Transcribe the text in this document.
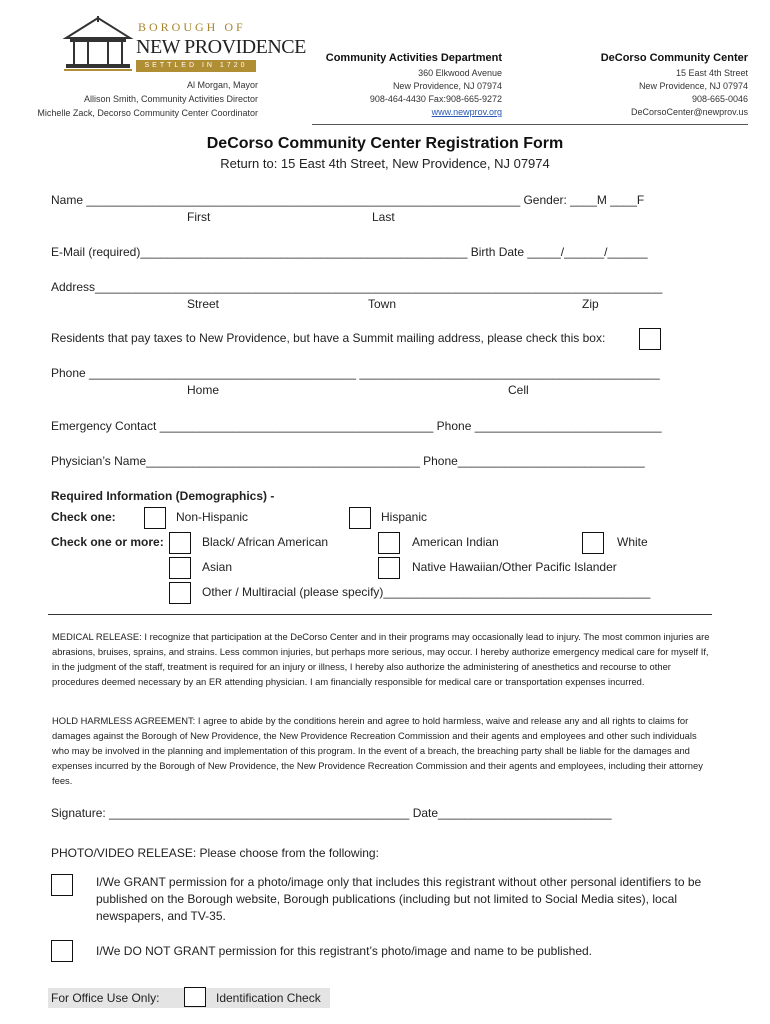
BOROUGH OF
NEW PROVIDENCE
SETTLED IN 1720
Al Morgan, Mayor
Allison Smith, Community Activities Director
Michelle Zack, Decorso Community Center Coordinator
Community Activities Department
360 Elkwood Avenue
New Providence, NJ 07974
908-464-4430 Fax:908-665-9272
www.newprov.org
DeCorso Community Center
15 East 4th Street
New Providence, NJ 07974
908-665-0046
DeCorsoCenter@newprov.us
DeCorso Community Center Registration Form
Return to: 15 East 4th Street, New Providence, NJ 07974
Name _________________________________________________________________ Gender: ____M ____F
First	Last
E-Mail (required)_________________________________________________ Birth Date _____/______/______
Address_____________________________________________________________________________________
Street	Town	Zip
Residents that pay taxes to New Providence, but have a Summit mailing address, please check this box:
Phone ________________________________________ _____________________________________________
Home	Cell
Emergency Contact _________________________________________ Phone ____________________________
Physician’s Name_________________________________________ Phone____________________________
Required Information (Demographics) -
Check one:	Non-Hispanic	Hispanic
Check one or more:	Black/ African American	American Indian	White
Asian	Native Hawaiian/Other Pacific Islander
Other / Multiracial (please specify)________________________________________
MEDICAL RELEASE: I recognize that participation at the DeCorso Center and in their programs may occasionally lead to injury. The most common injuries are abrasions, bruises, sprains, and strains. Less common injuries, but perhaps more serious, may occur. I hereby authorize emergency medical care for myself If, in the judgment of the staff, treatment is required for an injury or illness, I hereby also authorize the administering of anesthetics and recourse to other procedures deemed necessary by an ER attending physician. I am financially responsible for medical care or transportation expenses incurred.
HOLD HARMLESS AGREEMENT: I agree to abide by the conditions herein and agree to hold harmless, waive and release any and all rights to claims for damages against the Borough of New Providence, the New Providence Recreation Commission and their agents and employees and other such individuals who may be involved in the planning and implementation of this program. In the event of a breach, the breaching party shall be liable for the damages and expenses incurred by the Borough of New Providence, the New Providence Recreation Commission and their agents and employees, including their attorney fees.
Signature: _____________________________________________ Date__________________________
PHOTO/VIDEO RELEASE: Please choose from the following:
I/We GRANT permission for a photo/image only that includes this registrant without other personal identifiers to be published on the Borough website, Borough publications (including but not limited to Social Media sites), local newspapers, and TV-35.
I/We DO NOT GRANT permission for this registrant’s photo/image and name to be published.
For Office Use Only:	Identification Check
